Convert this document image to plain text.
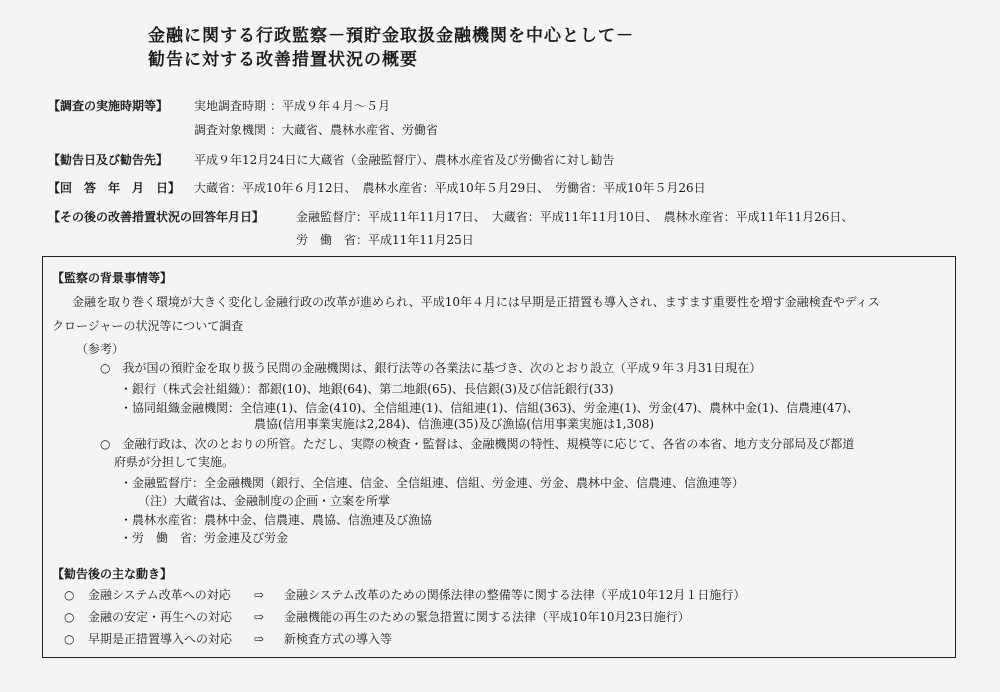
金融に関する行政監察－預貯金取扱金融機関を中心として－
勧告に対する改善措置状況の概要
【調査の実施時期等】 実地調査時期 ：平成９年４月～５月
調査対象機関 ：大蔵省、農林水産省、労働省
【勧告日及び勧告先】 平成９年12月24日に大蔵省（金融監督庁）、農林水産省及び労働省に対し勧告
【回　答　年　月　日】 大蔵省：平成10年６月12日、　農林水産省：平成10年５月29日、　労働省：平成10年５月26日
【その後の改善措置状況の回答年月日】	金融監督庁：平成11年11月17日、　大蔵省：平成11年11月10日、　農林水産省：平成11年11月26日、
労　働　省：平成11年11月25日
【監察の背景事情等】
金融を取り巻く環境が大きく変化し金融行政の改革が進められ、平成10年４月には早期是正措置も導入され、ますます重要性を増す金融検査やディス
クロージャーの状況等について調査
（参考）
○　我が国の預貯金を取り扱う民間の金融機関は、銀行法等の各業法に基づき、次のとおり設立（平成９年３月31日現在）
・銀行（株式会社組織）：都銀(10)、地銀(64)、第二地銀(65)、長信銀(3)及び信託銀行(33)
・協同組織金融機関：全信連(1)、信金(410)、全信組連(1)、信組連(1)、信組(363)、労金連(1)、労金(47)、農林中金(1)、信農連(47)、
農協(信用事業実施は2,284)、信漁連(35)及び漁協(信用事業実施は1,308)
○　金融行政は、次のとおりの所管。ただし、実際の検査・監督は、金融機関の特性、規模等に応じて、各省の本省、地方支分部局及び都道
府県が分担して実施。
・金融監督庁：全金融機関（銀行、全信連、信金、全信組連、信組、労金連、労金、農林中金、信農連、信漁連等）
（注）大蔵省は、金融制度の企画・立案を所掌
・農林水産省：農林中金、信農連、農協、信漁連及び漁協
・労　働　省：労金連及び労金
【勧告後の主な動き】
○ 金融システム改革への対応 ⇨ 金融システム改革のための関係法律の整備等に関する法律（平成10年12月１日施行）
○ 金融の安定・再生への対応 ⇨ 金融機能の再生のための緊急措置に関する法律（平成10年10月23日施行）
○ 早期是正措置導入への対応 ⇨ 新検査方式の導入等
